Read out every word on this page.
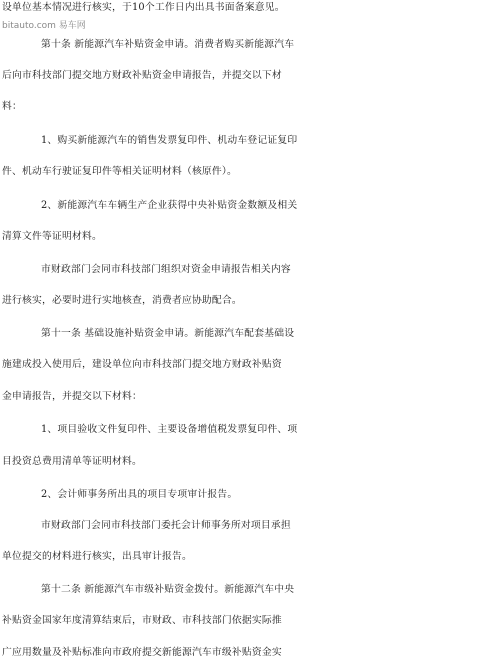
设单位基本情况进行核实，于10个工作日内出具书面备案意见。
bitauto.com 易车网
第十条 新能源汽车补贴资金申请。消费者购买新能源汽车
后向市科技部门提交地方财政补贴资金申请报告，并提交以下材
料：
1、购买新能源汽车的销售发票复印件、机动车登记证复印
件、机动车行驶证复印件等相关证明材料（核原件）。
2、新能源汽车车辆生产企业获得中央补贴资金数额及相关
清算文件等证明材料。
市财政部门会同市科技部门组织对资金申请报告相关内容
进行核实，必要时进行实地核查，消费者应协助配合。
第十一条 基础设施补贴资金申请。新能源汽车配套基础设
施建成投入使用后，建设单位向市科技部门提交地方财政补贴资
金申请报告，并提交以下材料：
1、项目验收文件复印件、主要设备增值税发票复印件、项
目投资总费用清单等证明材料。
2、会计师事务所出具的项目专项审计报告。
市财政部门会同市科技部门委托会计师事务所对项目承担
单位提交的材料进行核实，出具审计报告。
第十二条 新能源汽车市级补贴资金拨付。新能源汽车中央
补贴资金国家年度清算结束后，市财政、市科技部门依据实际推
广应用数量及补贴标准向市政府提交新能源汽车市级补贴资金实
